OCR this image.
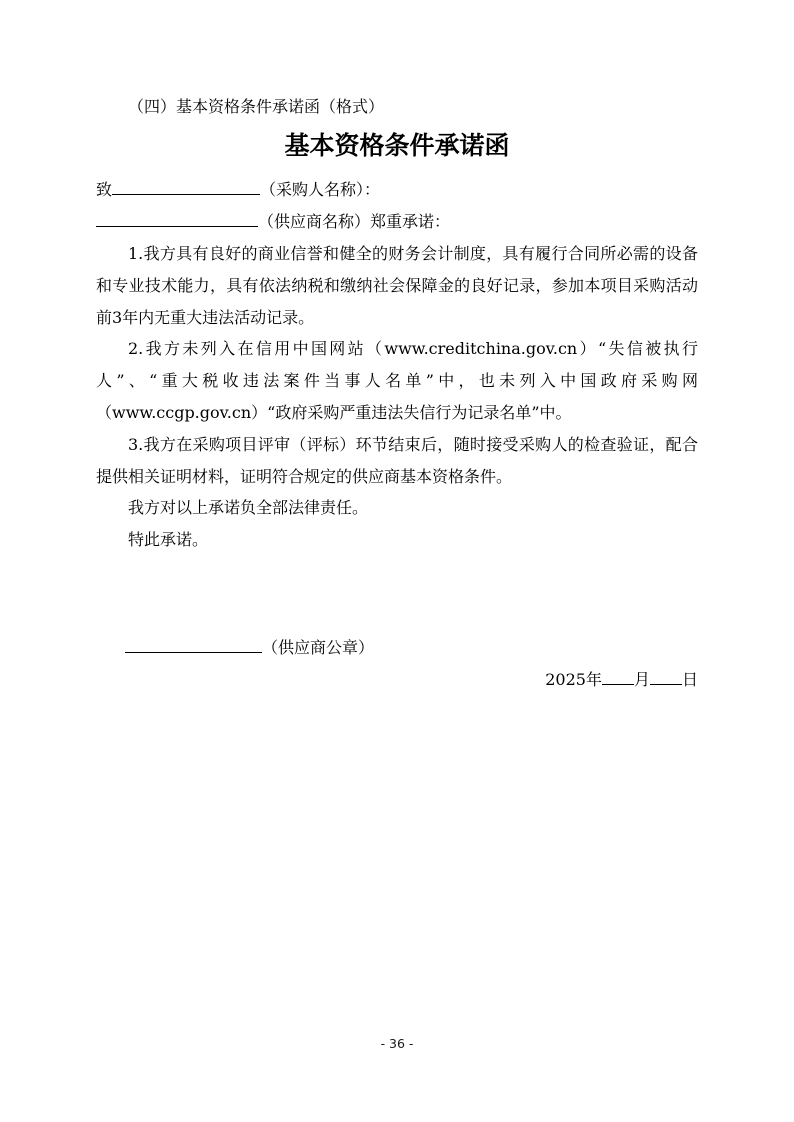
（四）基本资格条件承诺函（格式）

基本资格条件承诺函

致	（采购人名称）：

（供应商名称）郑重承诺：

1.我方具有良好的商业信誉和健全的财务会计制度，具有履行合同所必需的设备和专业技术能力，具有依法纳税和缴纳社会保障金的良好记录，参加本项目采购活动前3年内无重大违法活动记录。

2.我方未列入在信用中国网站（www.creditchina.gov.cn）“失信被执行人”、“重大税收违法案件当事人名单”中，也未列入中国政府采购网（www.ccgp.gov.cn）“政府采购严重违法失信行为记录名单”中。

3.我方在采购项目评审（评标）环节结束后，随时接受采购人的检查验证，配合提供相关证明材料，证明符合规定的供应商基本资格条件。

我方对以上承诺负全部法律责任。

特此承诺。

（供应商公章）

2025年 月 日

- 36 -
